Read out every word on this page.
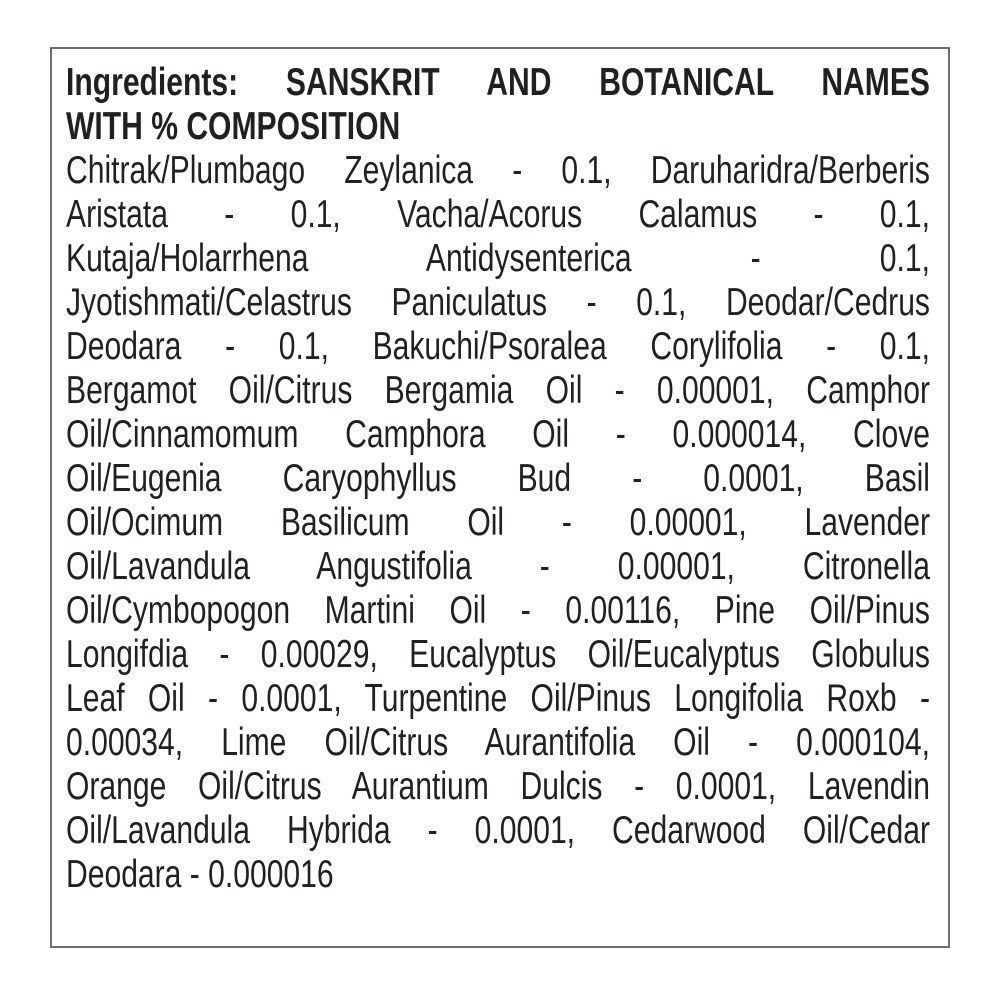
Ingredients: SANSKRIT AND BOTANICAL NAMES
WITH % COMPOSITION
Chitrak/Plumbago Zeylanica - 0.1, Daruharidra/Berberis
Aristata - 0.1, Vacha/Acorus Calamus - 0.1,
Kutaja/Holarrhena Antidysenterica - 0.1,
Jyotishmati/Celastrus Paniculatus - 0.1, Deodar/Cedrus
Deodara - 0.1, Bakuchi/Psoralea Corylifolia - 0.1,
Bergamot Oil/Citrus Bergamia Oil - 0.00001, Camphor
Oil/Cinnamomum Camphora Oil - 0.000014, Clove
Oil/Eugenia Caryophyllus Bud - 0.0001, Basil
Oil/Ocimum Basilicum Oil - 0.00001, Lavender
Oil/Lavandula Angustifolia - 0.00001, Citronella
Oil/Cymbopogon Martini Oil - 0.00116, Pine Oil/Pinus
Longifdia - 0.00029, Eucalyptus Oil/Eucalyptus Globulus
Leaf Oil - 0.0001, Turpentine Oil/Pinus Longifolia Roxb -
0.00034, Lime Oil/Citrus Aurantifolia Oil - 0.000104,
Orange Oil/Citrus Aurantium Dulcis - 0.0001, Lavendin
Oil/Lavandula Hybrida - 0.0001, Cedarwood Oil/Cedar
Deodara - 0.000016
